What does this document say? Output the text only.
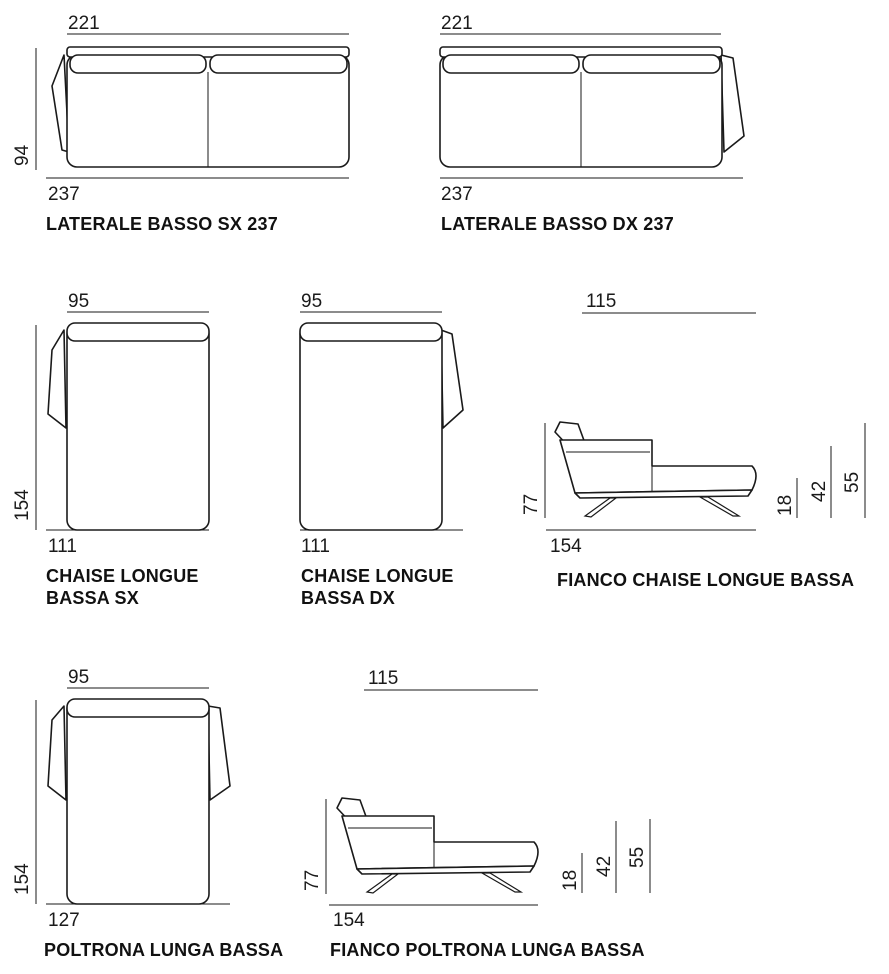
221
94
237
LATERALE BASSO SX 237
221
237
LATERALE BASSO DX 237
95
154
111
CHAISE LONGUE
BASSA SX
95
111
CHAISE LONGUE
BASSA DX
115
77
154
18
42 55
FIANCO CHAISE LONGUE BASSA
95
154
127
POLTRONA LUNGA BASSA
115
77
154
18
42 55
FIANCO POLTRONA LUNGA BASSA
